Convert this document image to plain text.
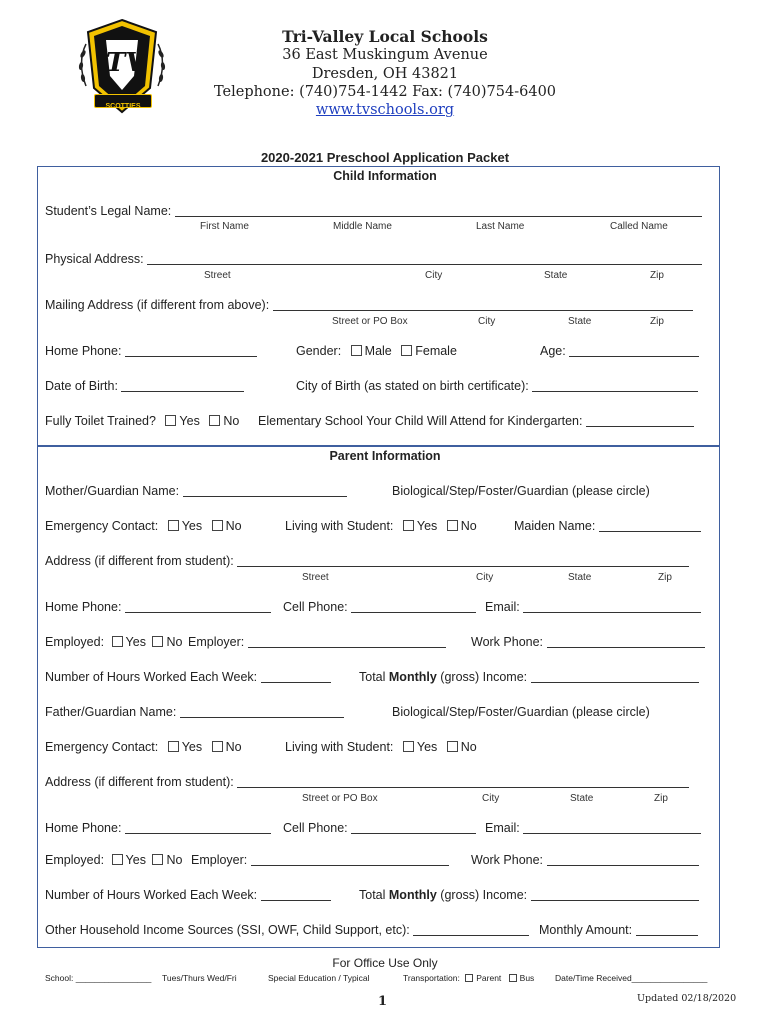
TV
SCOTTIES
Tri-Valley Local Schools
36 East Muskingum Avenue
Dresden, OH 43821
Telephone: (740)754-1442 Fax: (740)754-6400
www.tvschools.org
2020-2021 Preschool Application Packet
Child Information
Student’s Legal Name:
First Name	Middle Name	Last Name	Called Name
Physical Address:
Street	City	State	Zip
Mailing Address (if different from above):
Street or PO Box	City	State	Zip
Home Phone:	Gender: Male Female	Age:
Date of Birth:	City of Birth (as stated on birth certificate):
Fully Toilet Trained? Yes No Elementary School Your Child Will Attend for Kindergarten:
Parent Information
Mother/Guardian Name:	Biological/Step/Foster/Guardian (please circle)
Emergency Contact: Yes No	Living with Student: Yes No	Maiden Name:
Address (if different from student):
Street	City	State	Zip
Home Phone:	Cell Phone:	Email:
Employed: Yes No Employer:	Work Phone:
Number of Hours Worked Each Week:	Total Monthly (gross) Income:
Father/Guardian Name:	Biological/Step/Foster/Guardian (please circle)
Emergency Contact: Yes No	Living with Student: Yes No
Address (if different from student):
Street or PO Box	City	State	Zip
Home Phone:	Cell Phone:	Email:
Employed: Yes No Employer:	Work Phone:
Number of Hours Worked Each Week:	Total Monthly (gross) Income:
Other Household Income Sources (SSI, OWF, Child Support, etc):	Monthly Amount:
For Office Use Only
School: ________________ Tues/Thurs Wed/Fri	Special Education / Typical	Transportation: Parent Bus Date/Time Received________________
1	Updated 02/18/2020
